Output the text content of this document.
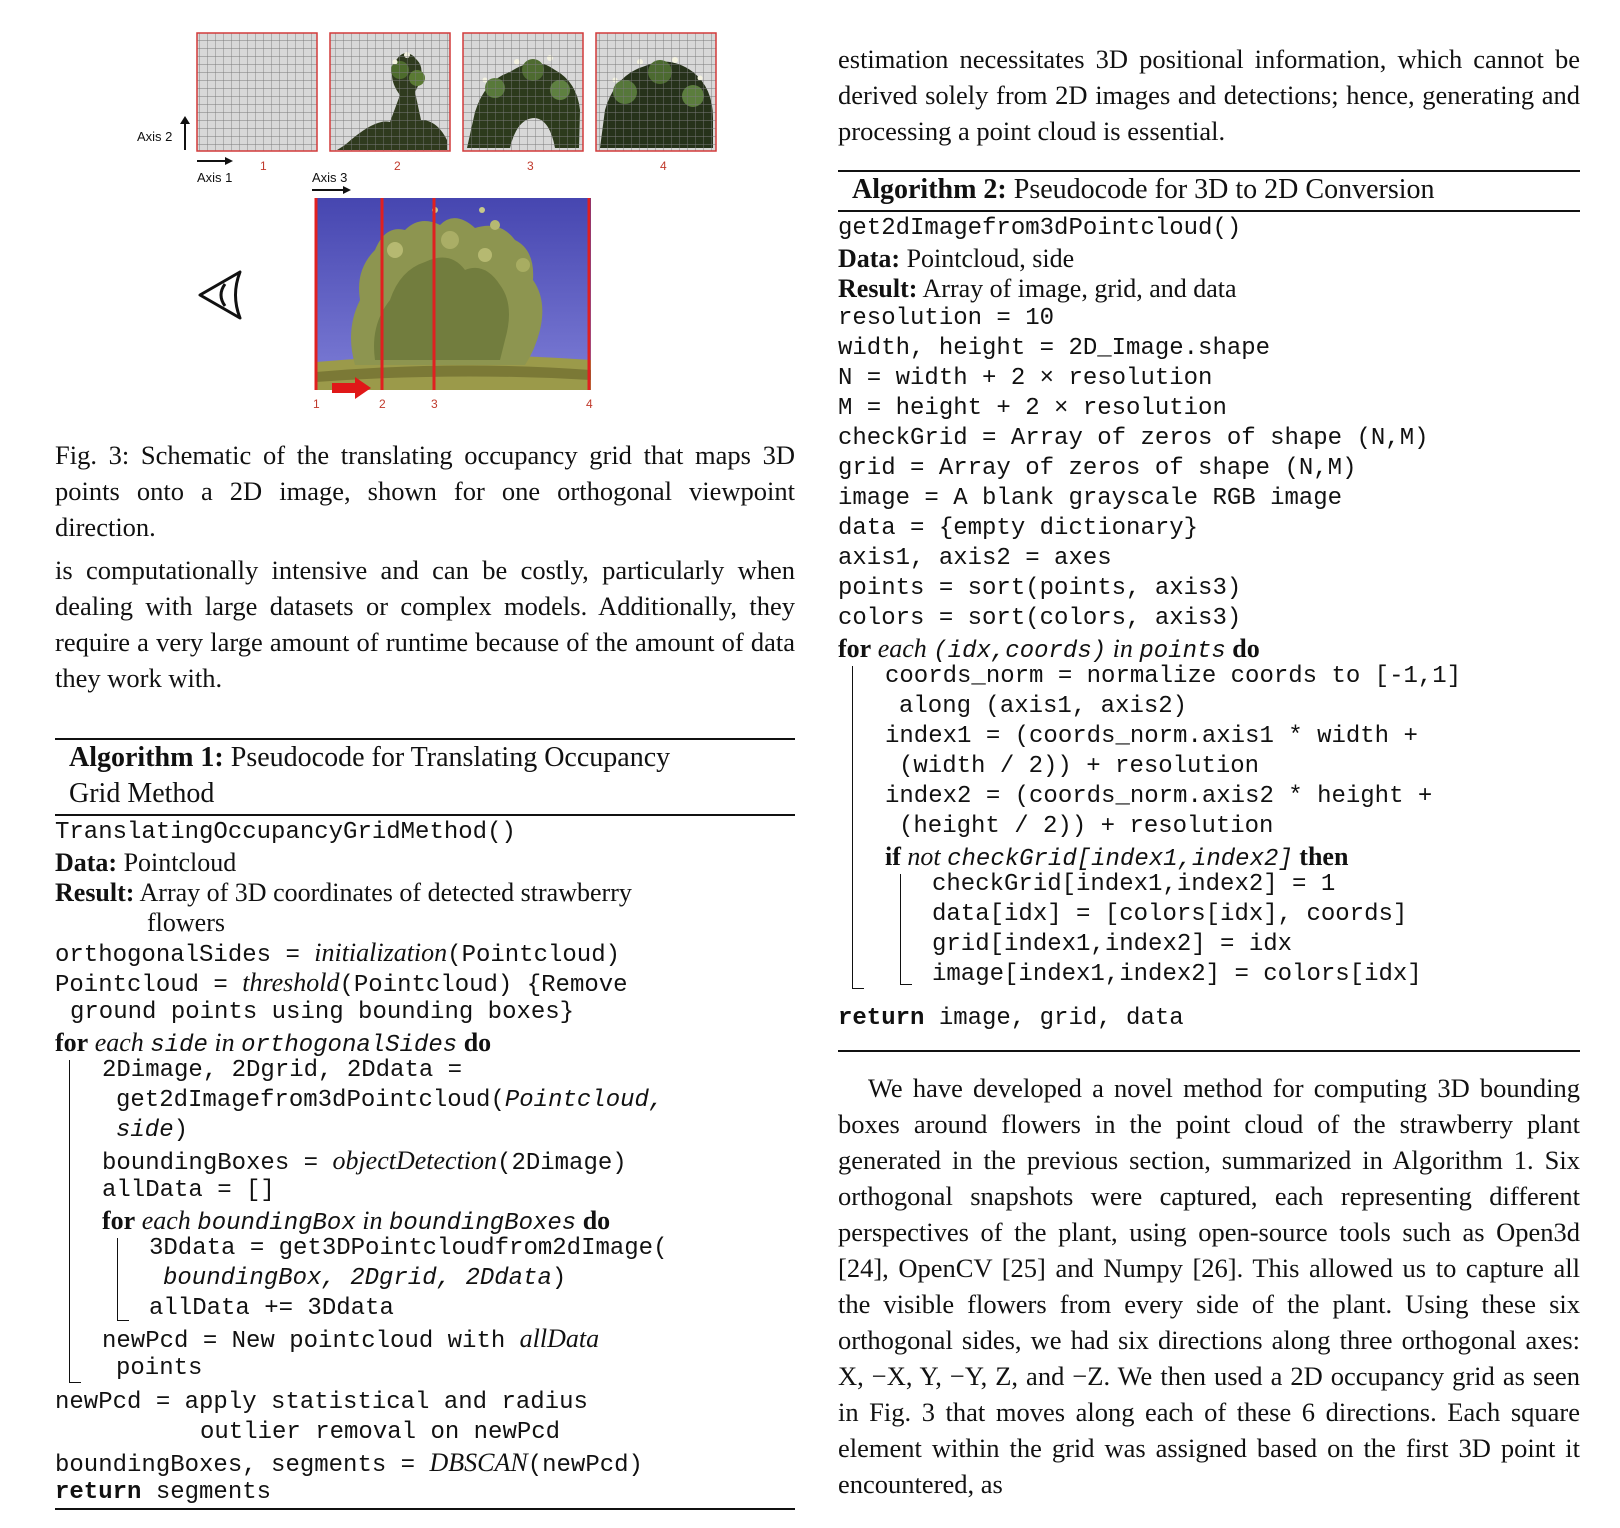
1	2	3	4
Axis 2
Axis 1	Axis 3
1	2	3	4

Fig. 3: Schematic of the translating occupancy grid that maps 3D points onto a 2D image, shown for one orthogonal viewpoint direction.

is computationally intensive and can be costly, particularly when dealing with large datasets or complex models. Additionally, they require a very large amount of runtime because of the amount of data they work with.

Algorithm 1: Pseudocode for Translating Occupancy
Grid Method
TranslatingOccupancyGridMethod()
Data: Pointcloud
Result: Array of 3D coordinates of detected strawberry
flowers
orthogonalSides = initialization(Pointcloud)
Pointcloud = threshold(Pointcloud) {Remove
ground points using bounding boxes}
for each side in orthogonalSides do
2Dimage, 2Dgrid, 2Ddata =
get2dImagefrom3dPointcloud(Pointcloud,
side)
boundingBoxes = objectDetection(2Dimage)
allData = []
for each boundingBox in boundingBoxes do
3Ddata = get3DPointcloudfrom2dImage(
boundingBox, 2Dgrid, 2Ddata)
allData += 3Ddata
newPcd = New pointcloud with allData
points
newPcd = apply statistical and radius
outlier removal on newPcd
boundingBoxes, segments = DBSCAN(newPcd)
return segments

estimation necessitates 3D positional information, which cannot be derived solely from 2D images and detections; hence, generating and processing a point cloud is essential.

Algorithm 2: Pseudocode for 3D to 2D Conversion
get2dImagefrom3dPointcloud()
Data: Pointcloud, side
Result: Array of image, grid, and data
resolution = 10
width, height = 2D_Image.shape
N = width + 2 × resolution
M = height + 2 × resolution
checkGrid = Array of zeros of shape (N,M)
grid = Array of zeros of shape (N,M)
image = A blank grayscale RGB image
data = {empty dictionary}
axis1, axis2 = axes
points = sort(points, axis3)
colors = sort(colors, axis3)
for each (idx,coords) in points do
coords_norm = normalize coords to [-1,1]
along (axis1, axis2)
index1 = (coords_norm.axis1 * width +
(width / 2)) + resolution
index2 = (coords_norm.axis2 * height +
(height / 2)) + resolution
if not checkGrid[index1,index2] then
checkGrid[index1,index2] = 1
data[idx] = [colors[idx], coords]
grid[index1,index2] = idx
image[index1,index2] = colors[idx]
return image, grid, data

We have developed a novel method for computing 3D bounding boxes around flowers in the point cloud of the strawberry plant generated in the previous section, summarized in Algorithm 1. Six orthogonal snapshots were captured, each representing different perspectives of the plant, using open-source tools such as Open3d [24], OpenCV [25] and Numpy [26]. This allowed us to capture all the visible flowers from every side of the plant. Using these six orthogonal sides, we had six directions along three orthogonal axes: X, −X, Y, −Y, Z, and −Z. We then used a 2D occupancy grid as seen in Fig. 3 that moves along each of these 6 directions. Each square element within the grid was assigned based on the first 3D point it encountered, as
